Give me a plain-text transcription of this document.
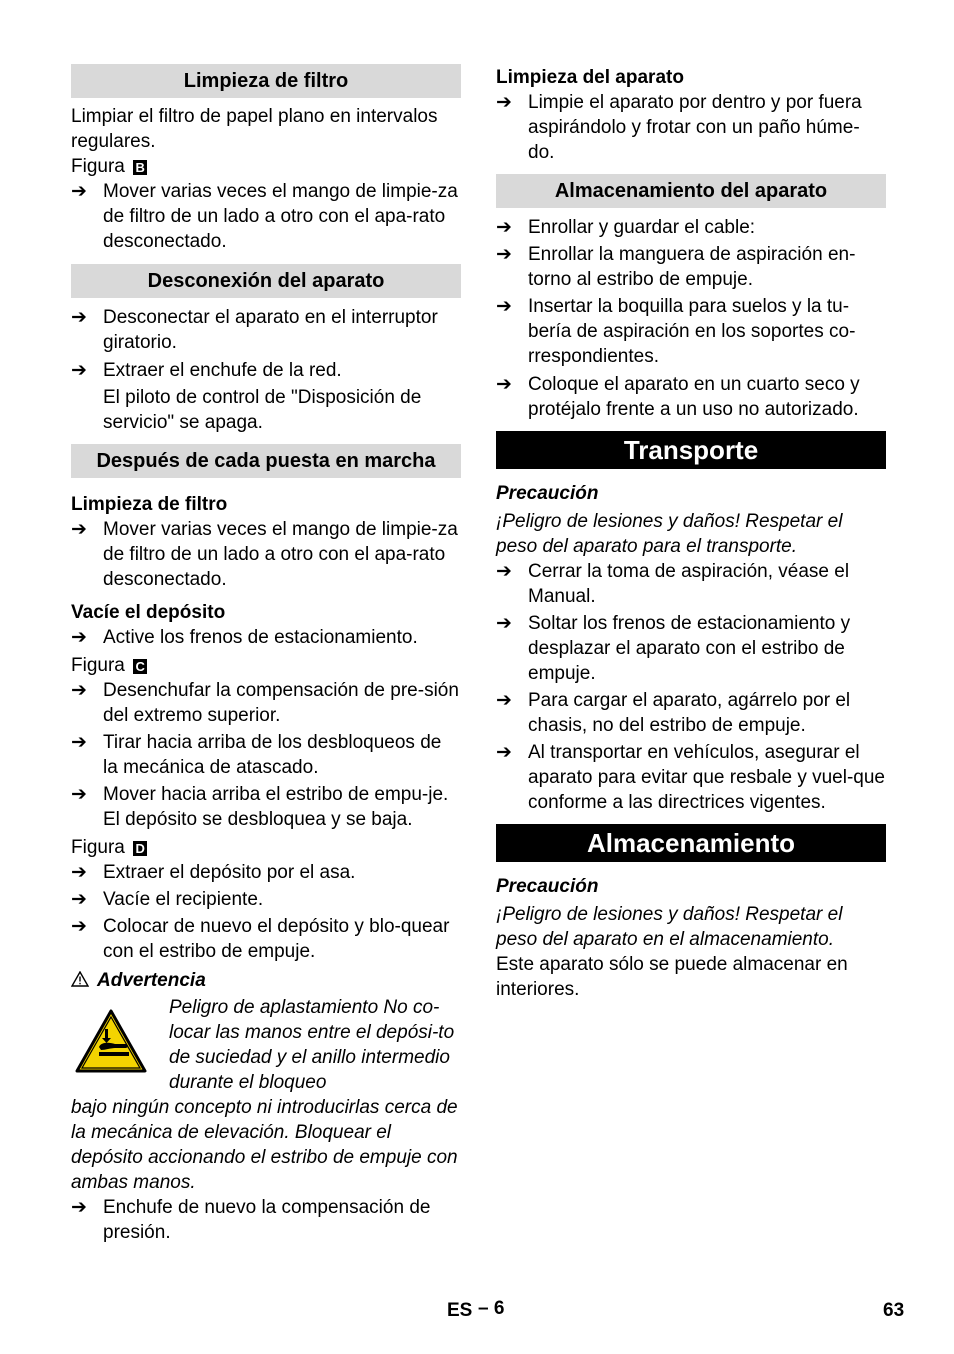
Limpieza de filtro

Limpiar el filtro de papel plano en intervalos regulares.

Figura B

➔ Mover varias veces el mango de limpie-za de filtro de un lado a otro con el apa-rato desconectado.
Desconexión del aparato
➔ Desconectar el aparato en el interruptor giratorio.
➔ Extraer el enchufe de la red.
El piloto de control de "Disposición de servicio" se apaga.
Después de cada puesta en marcha

Limpieza de filtro

➔ Mover varias veces el mango de limpie-za de filtro de un lado a otro con el apa-rato desconectado.

Vacíe el depósito

➔ Active los frenos de estacionamiento.

Figura C

➔ Desenchufar la compensación de pre-sión del extremo superior.
➔ Tirar hacia arriba de los desbloqueos de la mecánica de atascado.
➔ Mover hacia arriba el estribo de empu-je. El depósito se desbloquea y se baja.

Figura D

➔ Extraer el depósito por el asa.
➔ Vacíe el recipiente.
➔ Colocar de nuevo el depósito y blo-quear con el estribo de empuje.

Advertencia

Peligro de aplastamiento No co-locar las manos entre el depósi-to de suciedad y el anillo intermedio durante el bloqueo
bajo ningún concepto ni introducirlas cerca de la mecánica de elevación. Bloquear el depósito accionando el estribo de empuje con ambas manos.
➔ Enchufe de nuevo la compensación de presión.

Limpieza del aparato

➔ Limpie el aparato por dentro y por fuera aspirándolo y frotar con un paño húme-do.
Almacenamiento del aparato
➔ Enrollar y guardar el cable:
➔ Enrollar la manguera de aspiración en-torno al estribo de empuje.
➔ Insertar la boquilla para suelos y la tu-bería de aspiración en los soportes co-rrespondientes.
➔ Coloque el aparato en un cuarto seco y protéjalo frente a un uso no autorizado.
Transporte

Precaución

¡Peligro de lesiones y daños! Respetar el peso del aparato para el transporte.

➔ Cerrar la toma de aspiración, véase el Manual.
➔ Soltar los frenos de estacionamiento y desplazar el aparato con el estribo de empuje.
➔ Para cargar el aparato, agárrelo por el chasis, no del estribo de empuje.
➔ Al transportar en vehículos, asegurar el aparato para evitar que resbale y vuel-que conforme a las directrices vigentes.
Almacenamiento

Precaución

¡Peligro de lesiones y daños! Respetar el peso del aparato en el almacenamiento.

Este aparato sólo se puede almacenar en interiores.

ES – 6	63
